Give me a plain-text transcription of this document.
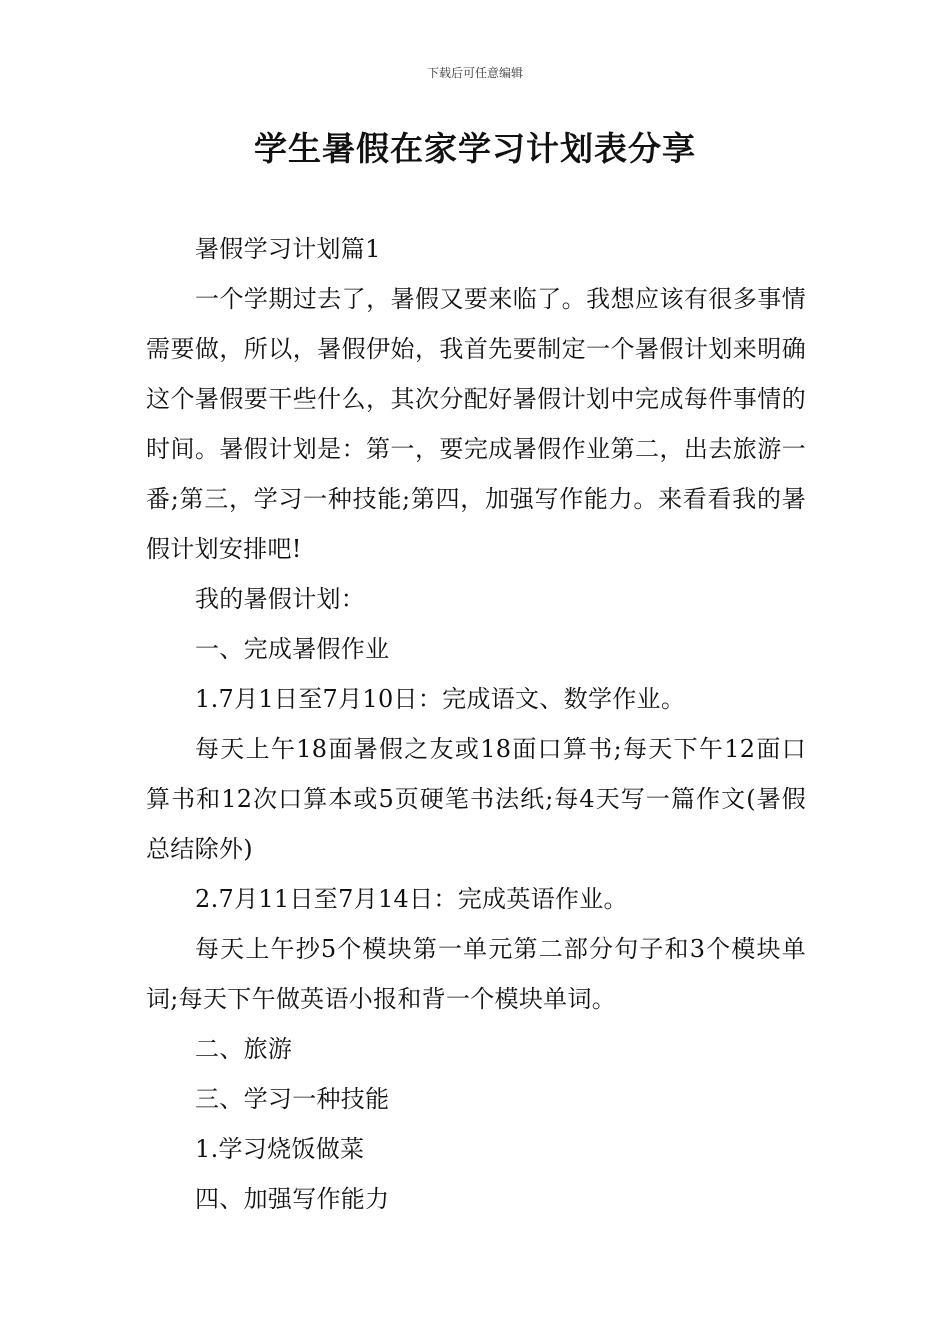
下载后可任意编辑
学生暑假在家学习计划表分享

暑假学习计划篇1

一个学期过去了，暑假又要来临了。我想应该有很多事情需要做，所以，暑假伊始，我首先要制定一个暑假计划来明确这个暑假要干些什么，其次分配好暑假计划中完成每件事情的时间。暑假计划是：第一，要完成暑假作业第二，出去旅游一番;第三，学习一种技能;第四，加强写作能力。来看看我的暑假计划安排吧!

我的暑假计划：

一、完成暑假作业

1.7月1日至7月10日：完成语文、数学作业。

每天上午18面暑假之友或18面口算书;每天下午12面口算书和12次口算本或5页硬笔书法纸;每4天写一篇作文(暑假总结除外)

2.7月11日至7月14日：完成英语作业。

每天上午抄5个模块第一单元第二部分句子和3个模块单词;每天下午做英语小报和背一个模块单词。

二、旅游

三、学习一种技能

1.学习烧饭做菜

四、加强写作能力
